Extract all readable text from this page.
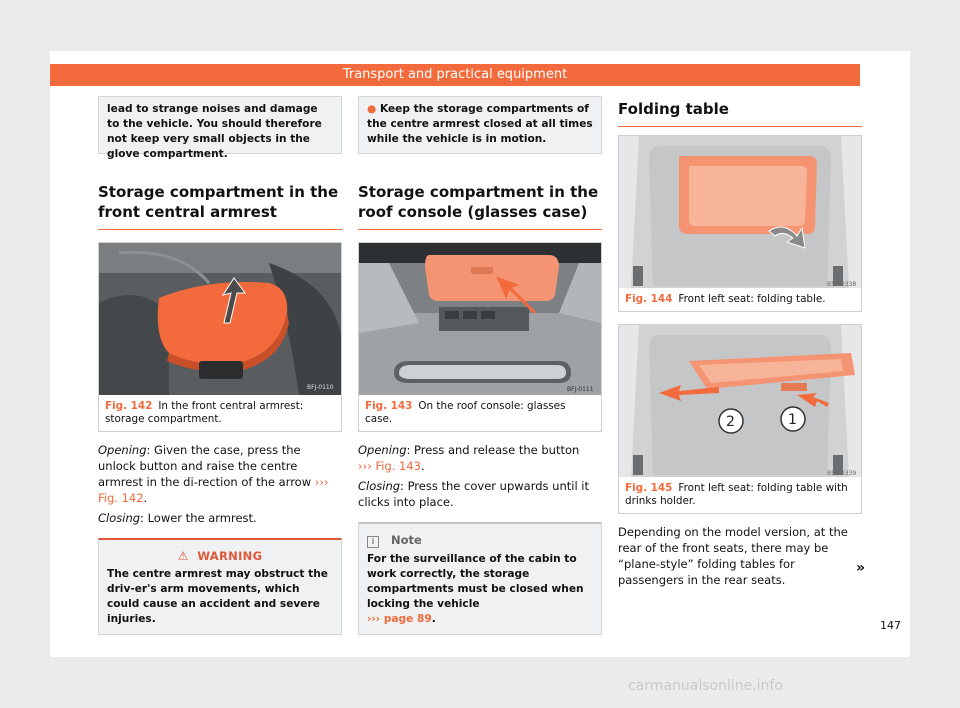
Transport and practical equipment
lead to strange noises and damage to the vehicle. You should therefore not keep very small objects in the glove compartment.
Storage compartment in the front central armrest
BFJ-0110
Fig. 142 In the front central armrest: storage compartment.
Opening: Given the case, press the unlock button and raise the centre armrest in the di-rection of the arrow ››› Fig. 142.
Closing: Lower the armrest.
⚠ WARNING
The centre armrest may obstruct the driv-er's arm movements, which could cause an accident and severe injuries.
● Keep the storage compartments of the centre armrest closed at all times while the vehicle is in motion.
Storage compartment in the roof console (glasses case)
BFJ-0111
Fig. 143 On the roof console: glasses case.
Opening: Press and release the button
››› Fig. 143.
Closing: Press the cover upwards until it clicks into place.
i Note
For the surveillance of the cabin to work correctly, the storage compartments must be closed when locking the vehicle
››› page 89.
Folding table
B57-0338
Fig. 144 Front left seat: folding table.
2	1
B57-0339
Fig. 145 Front left seat: folding table with drinks holder.
Depending on the model version, at the rear of the front seats, there may be “plane-style” folding tables for passengers in the rear seats.
»
147
carmanualsonline.info
